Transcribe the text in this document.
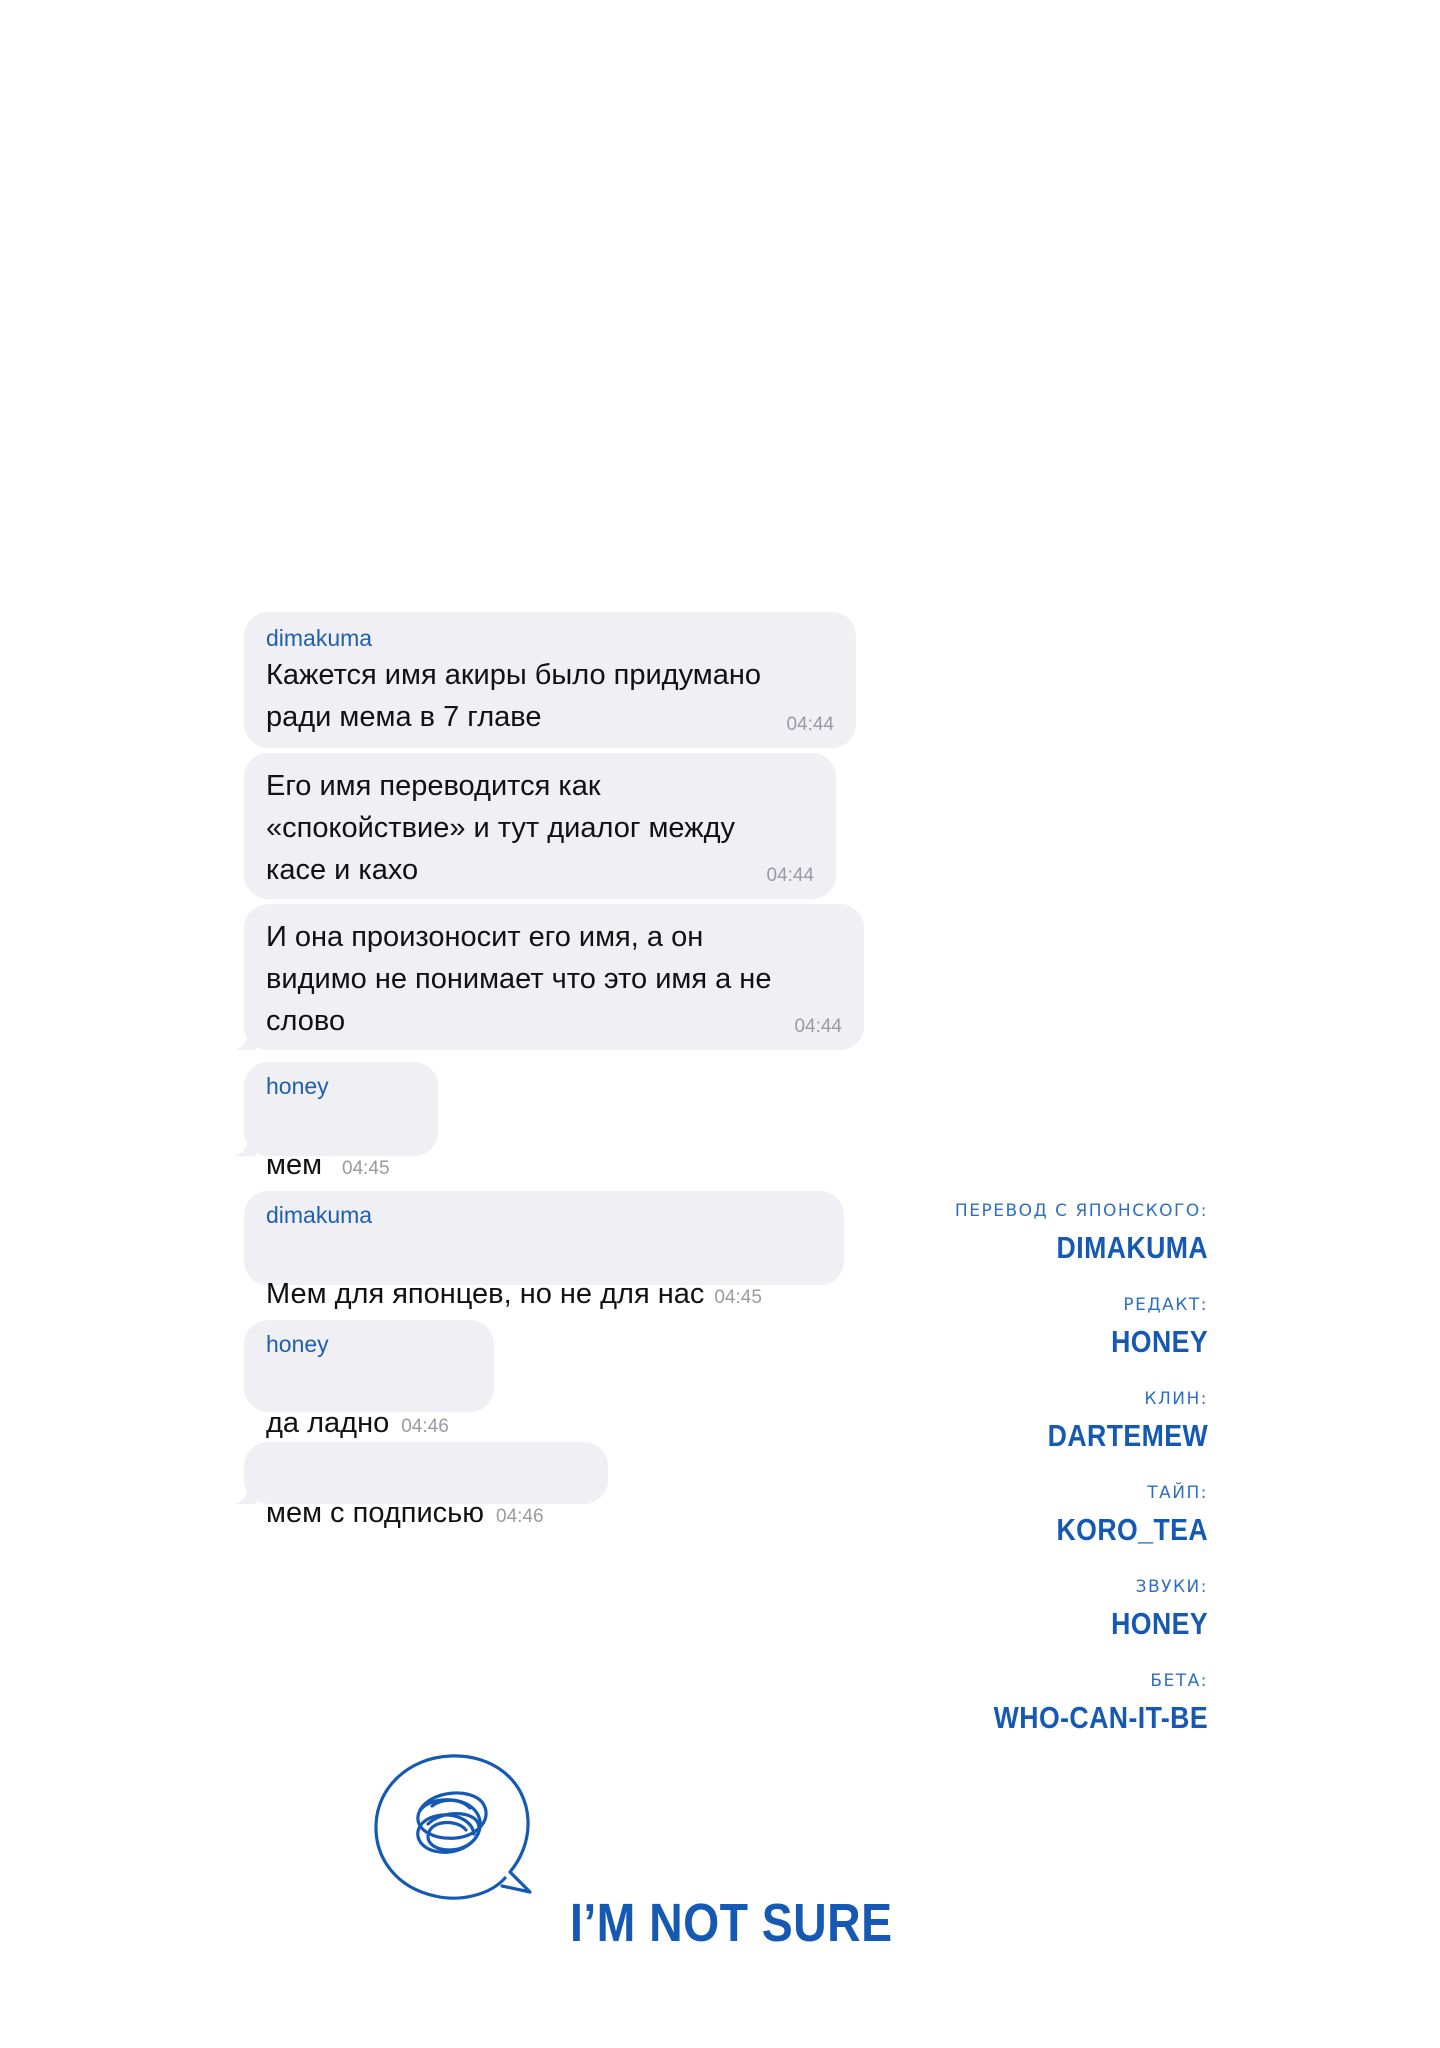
dimakuma
Кажется имя акиры было придумано
ради мема в 7 главе	04:44
Его имя переводится как
«спокойствие» и тут диалог между
касе и кахо	04:44
И она произоносит его имя, а он
видимо не понимает что это имя а не
слово	04:44
honey

мем 04:45

dimakuma

Мем для японцев, но не для нас 04:45

honey

да ладно 04:46

мем с подписью 04:46

ПЕРЕВОД С ЯПОНСКОГО:
DIMAKUMA
РЕДАКТ:
HONEY
КЛИН:
DARTEMEW
ТАЙП:
KORO_TEA
ЗВУКИ:
HONEY
БЕТА:
WHO-CAN-IT-BE
I’M NOT SURE
